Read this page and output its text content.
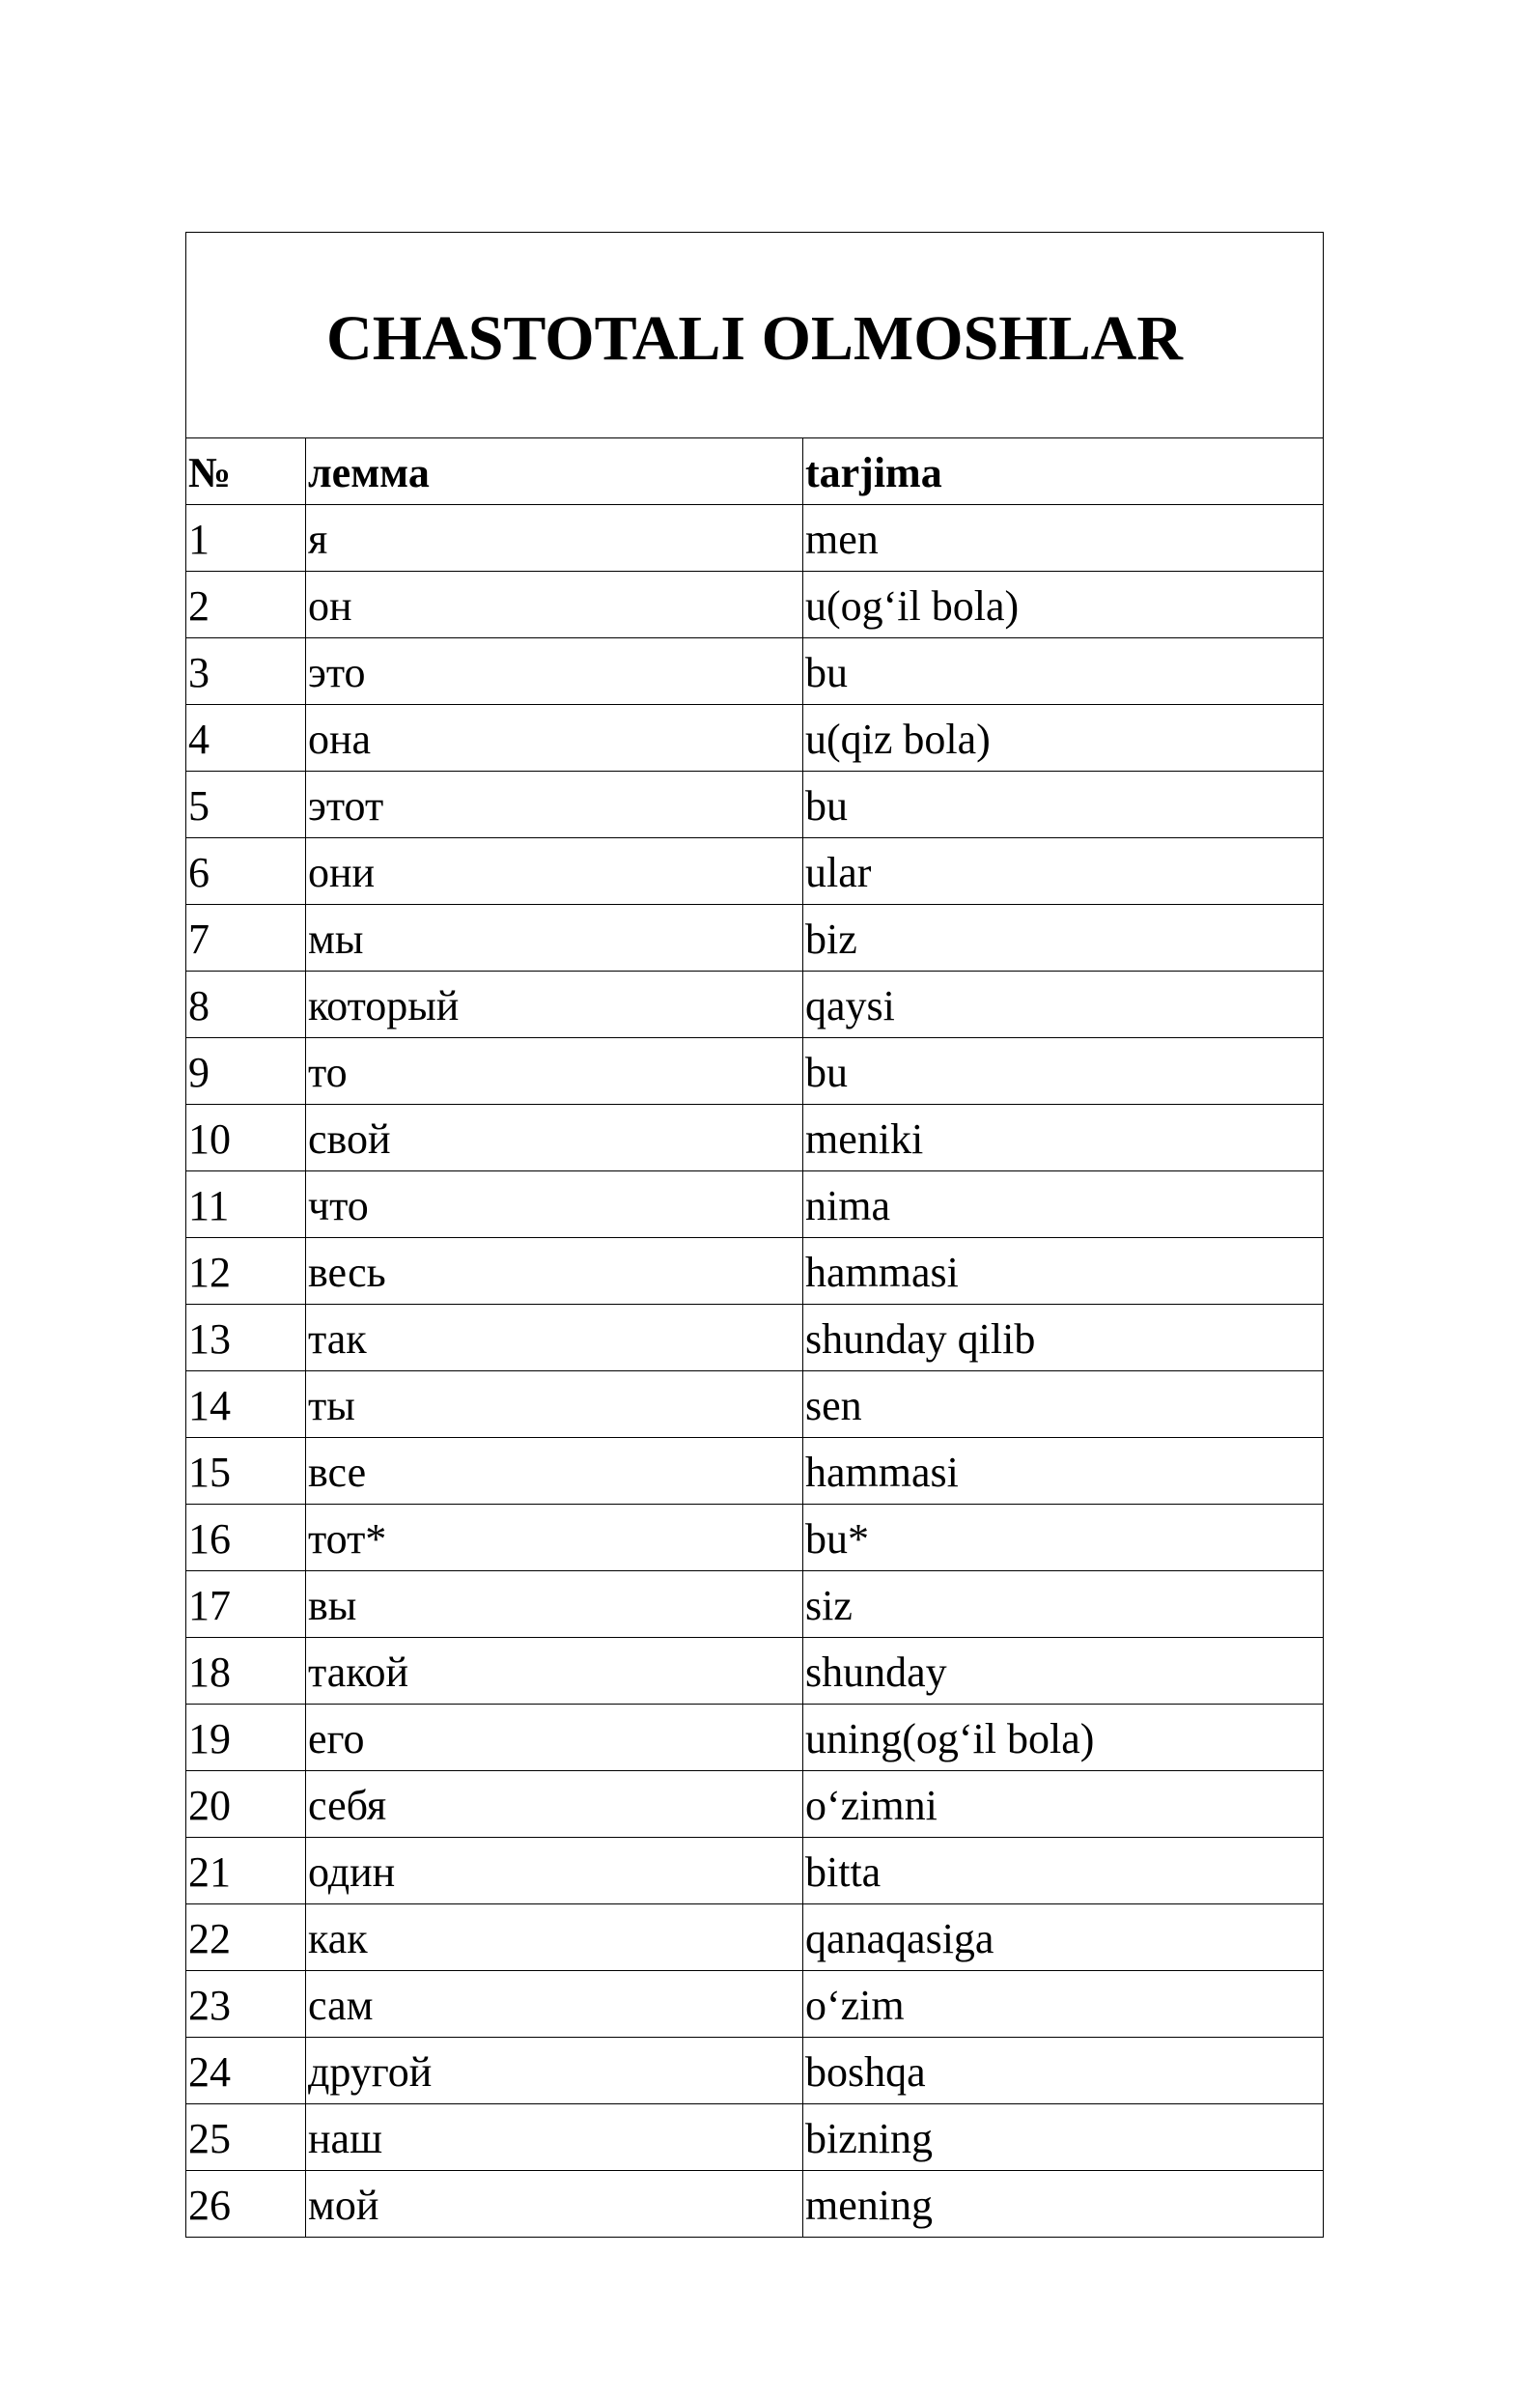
CHASTOTALI OLMOSHLAR		
№	лемма	tarjima
1	я	men
2	он	u(og‘il bola)
3	это	bu
4	она	u(qiz bola)
5	этот	bu
6	они	ular
7	мы	biz
8	который	qaysi
9	то	bu
10	свой	meniki
11	что	nima
12	весь	hammasi
13	так	shunday qilib
14	ты	sen
15	все	hammasi
16	тот*	bu*
17	вы	siz
18	такой	shunday
19	его	uning(og‘il bola)
20	себя	o‘zimni
21	один	bitta
22	как	qanaqasiga
23	сам	o‘zim
24	другой	boshqa
25	наш	bizning
26	мой	mening
